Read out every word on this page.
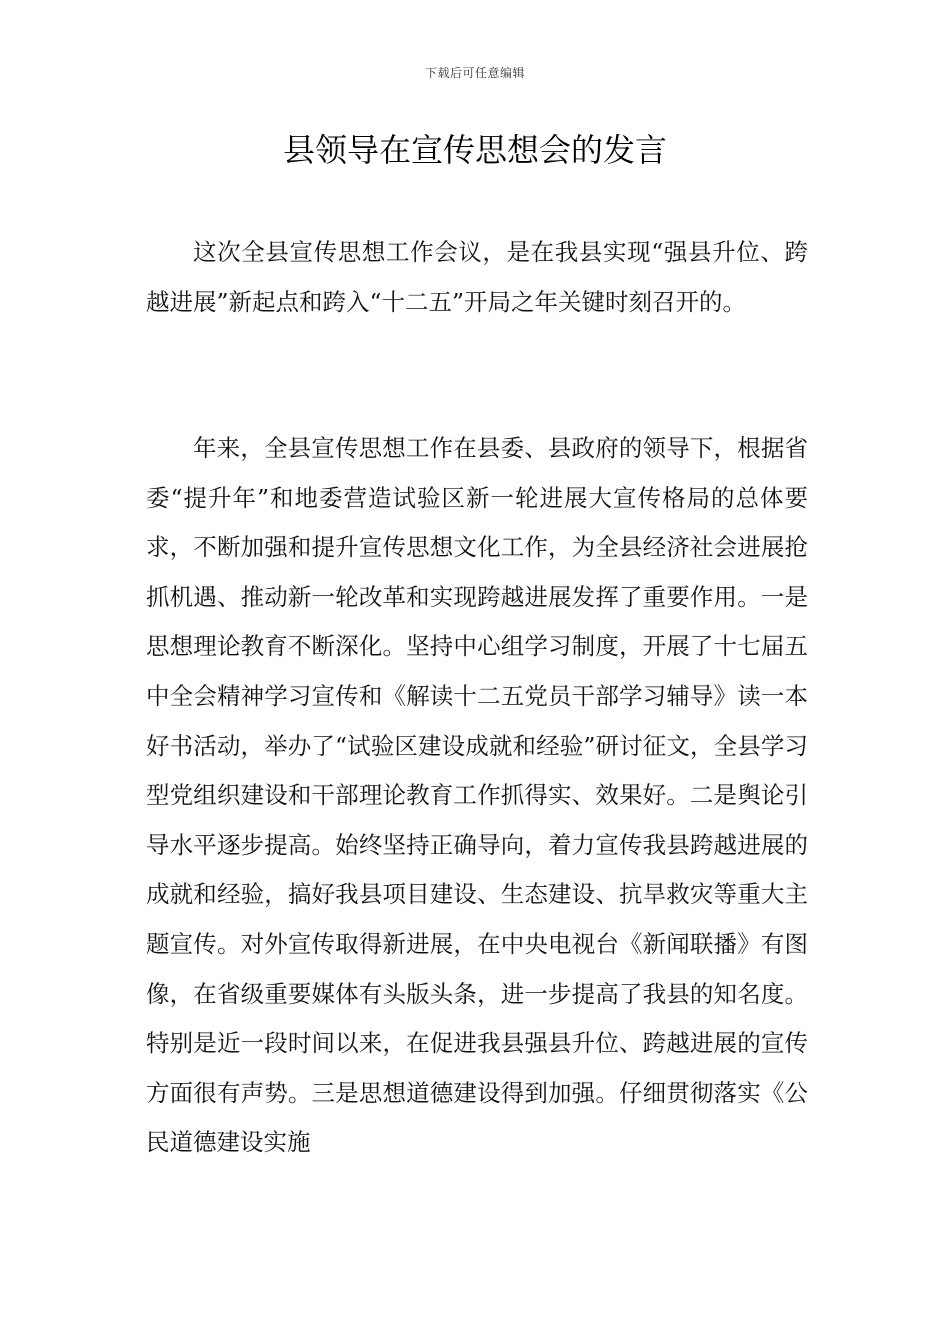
下载后可任意编辑
县领导在宣传思想会的发言

这次全县宣传思想工作会议，是在我县实现“强县升位、跨越进展”新起点和跨入“十二五”开局之年关键时刻召开的。

年来，全县宣传思想工作在县委、县政府的领导下，根据省委“提升年”和地委营造试验区新一轮进展大宣传格局的总体要求，不断加强和提升宣传思想文化工作，为全县经济社会进展抢抓机遇、推动新一轮改革和实现跨越进展发挥了重要作用。一是思想理论教育不断深化。坚持中心组学习制度，开展了十七届五中全会精神学习宣传和《解读十二五党员干部学习辅导》读一本好书活动，举办了“试验区建设成就和经验”研讨征文，全县学习型党组织建设和干部理论教育工作抓得实、效果好。二是舆论引导水平逐步提高。始终坚持正确导向，着力宣传我县跨越进展的成就和经验，搞好我县项目建设、生态建设、抗旱救灾等重大主题宣传。对外宣传取得新进展，在中央电视台《新闻联播》有图像，在省级重要媒体有头版头条，进一步提高了我县的知名度。特别是近一段时间以来，在促进我县强县升位、跨越进展的宣传方面很有声势。三是思想道德建设得到加强。仔细贯彻落实《公民道德建设实施
